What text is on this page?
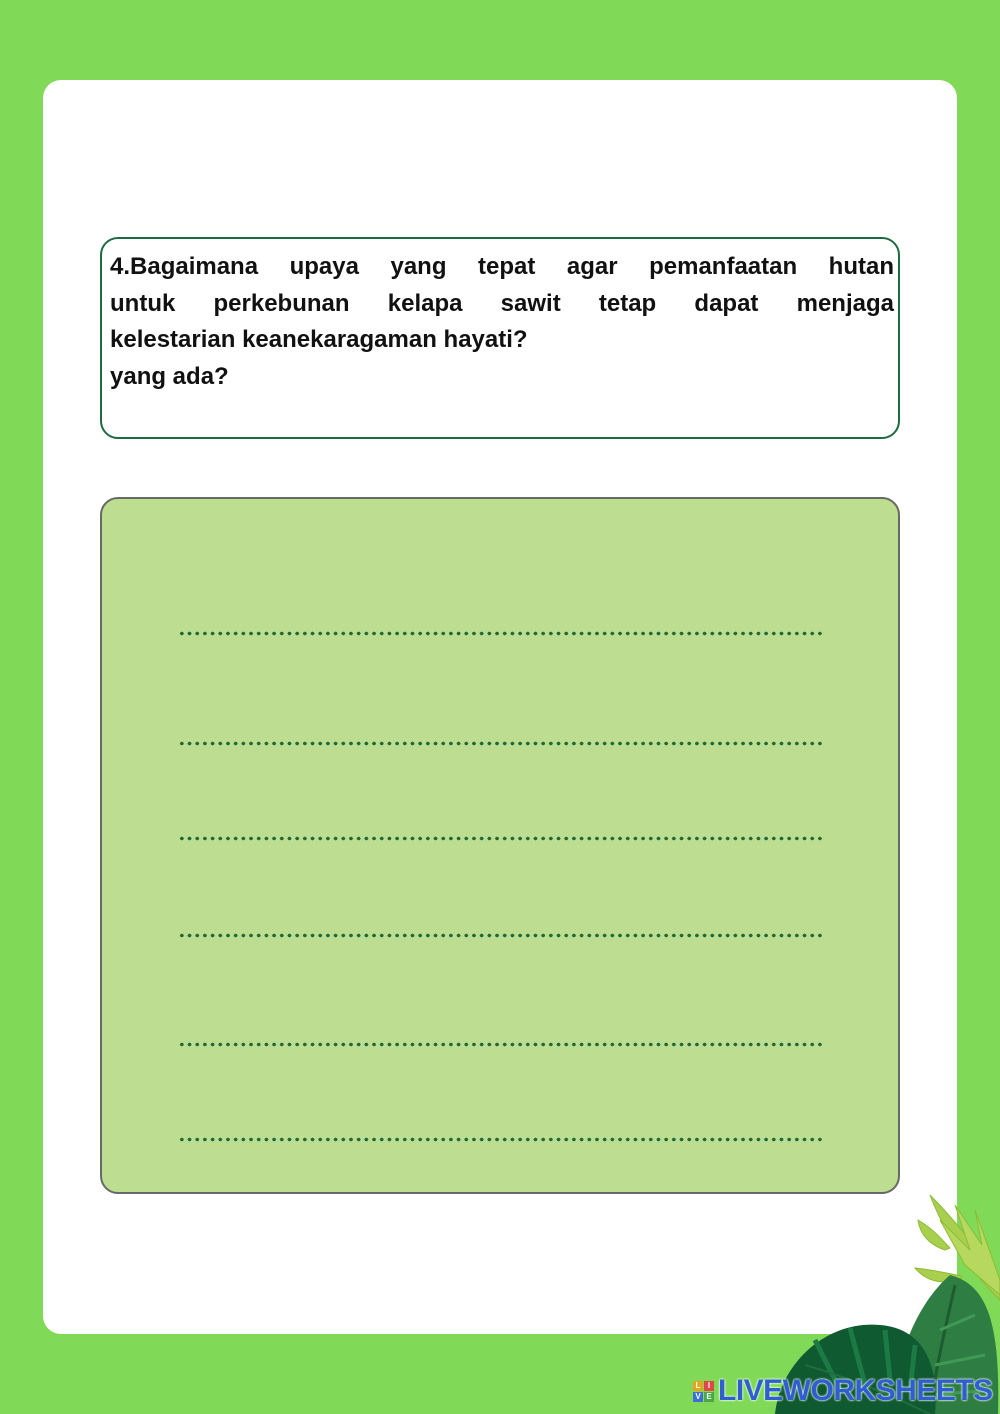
4.Bagaimana upaya yang tepat agar pemanfaatan hutan
untuk perkebunan kelapa sawit tetap dapat menjaga
kelestarian keanekaragaman hayati?
yang ada?
L I
V E LIVEWORKSHEETS
